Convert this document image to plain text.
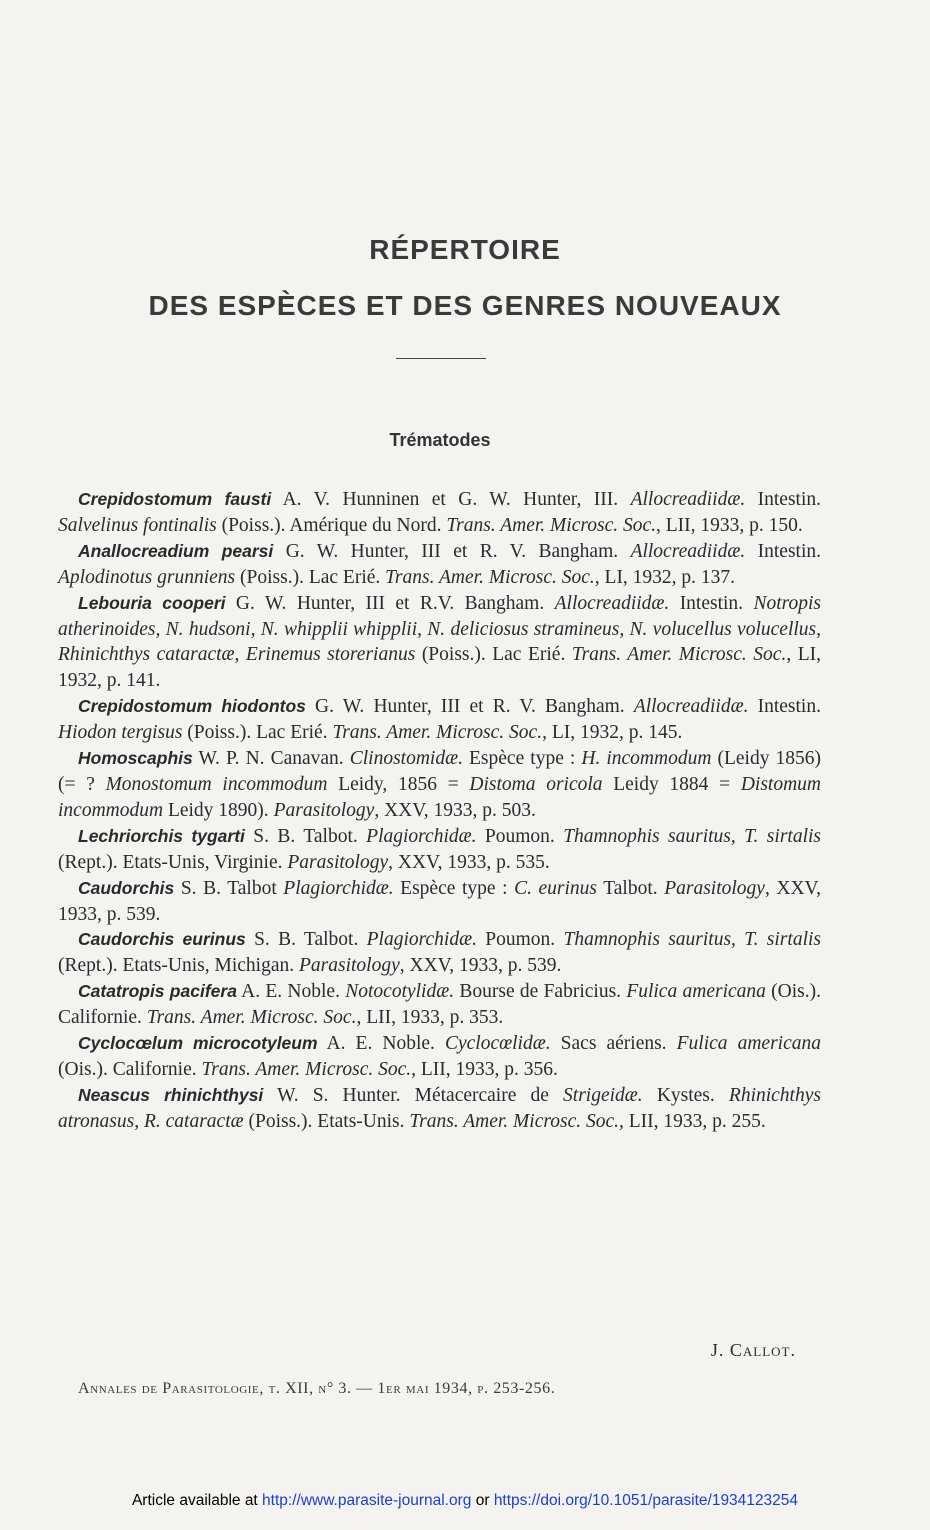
RÉPERTOIRE
DES ESPÈCES ET DES GENRES NOUVEAUX
Trématodes

Crepidostomum fausti A. V. Hunninen et G. W. Hunter, III. Allocreadiidæ. Intestin. Salvelinus fontinalis (Poiss.). Amérique du Nord. Trans. Amer. Microsc. Soc., LII, 1933, p. 150.

Anallocreadium pearsi G. W. Hunter, III et R. V. Bangham. Allocreadiidæ. Intestin. Aplodinotus grunniens (Poiss.). Lac Erié. Trans. Amer. Microsc. Soc., LI, 1932, p. 137.

Lebouria cooperi G. W. Hunter, III et R.V. Bangham. Allocreadiidæ. Intestin. Notropis atherinoides, N. hudsoni, N. whipplii whipplii, N. deliciosus stramineus, N. volucellus volucellus, Rhinichthys cataractæ, Erinemus storerianus (Poiss.). Lac Erié. Trans. Amer. Microsc. Soc., LI, 1932, p. 141.

Crepidostomum hiodontos G. W. Hunter, III et R. V. Bangham. Allocreadiidæ. Intestin. Hiodon tergisus (Poiss.). Lac Erié. Trans. Amer. Microsc. Soc., LI, 1932, p. 145.

Homoscaphis W. P. N. Canavan. Clinostomidæ. Espèce type : H. incommodum (Leidy 1856) (= ? Monostomum incommodum Leidy, 1856 = Distoma oricola Leidy 1884 = Distomum incommodum Leidy 1890). Parasitology, XXV, 1933, p. 503.

Lechriorchis tygarti S. B. Talbot. Plagiorchidæ. Poumon. Thamnophis sauritus, T. sirtalis (Rept.). Etats-Unis, Virginie. Parasitology, XXV, 1933, p. 535.

Caudorchis S. B. Talbot Plagiorchidæ. Espèce type : C. eurinus Talbot. Parasitology, XXV, 1933, p. 539.

Caudorchis eurinus S. B. Talbot. Plagiorchidæ. Poumon. Thamnophis sauritus, T. sirtalis (Rept.). Etats-Unis, Michigan. Parasitology, XXV, 1933, p. 539.

Catatropis pacifera A. E. Noble. Notocotylidæ. Bourse de Fabricius. Fulica americana (Ois.). Californie. Trans. Amer. Microsc. Soc., LII, 1933, p. 353.

Cyclocœlum microcotyleum A. E. Noble. Cyclocœlidæ. Sacs aériens. Fulica americana (Ois.). Californie. Trans. Amer. Microsc. Soc., LII, 1933, p. 356.

Neascus rhinichthysi W. S. Hunter. Métacercaire de Strigeidæ. Kystes. Rhinichthys atronasus, R. cataractæ (Poiss.). Etats-Unis. Trans. Amer. Microsc. Soc., LII, 1933, p. 255.

J. Callot.
Annales de Parasitologie, t. XII, n° 3. — 1er mai 1934, p. 253-256.
Article available at http://www.parasite-journal.org or https://doi.org/10.1051/parasite/1934123254
